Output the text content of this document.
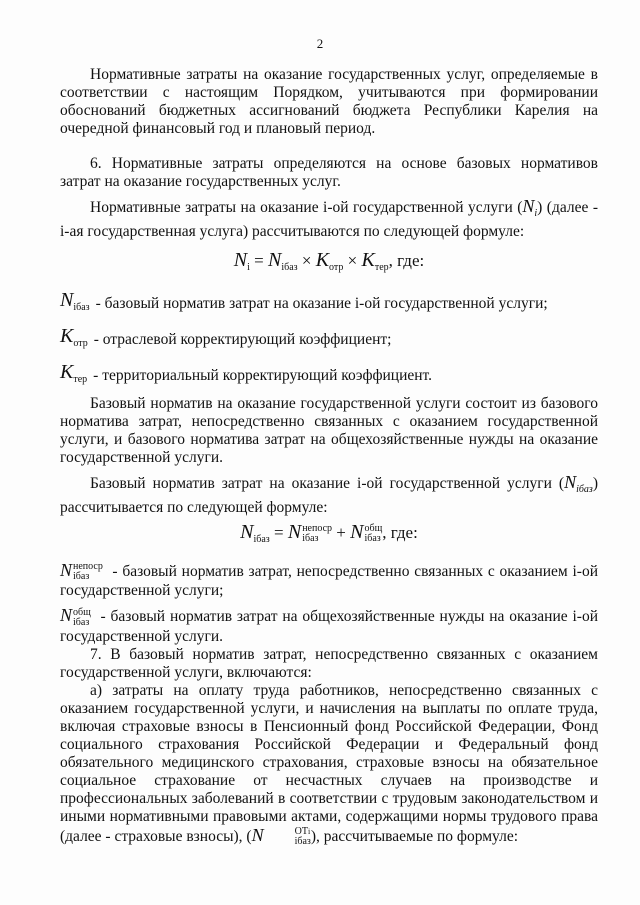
2

Нормативные затраты на оказание государственных услуг, определяемые в соответствии с настоящим Порядком, учитываются при формировании обоснований бюджетных ассигнований бюджета Республики Карелия на очередной финансовый год и плановый период.

6. Нормативные затраты определяются на основе базовых нормативов затрат на оказание государственных услуг.

Нормативные затраты на оказание i-ой государственной услуги $(N_i)$ (далее - i-ая государственная услуга) рассчитываются по следующей формуле:

$N_i = N_{iбаз} \times K_{отр} \times K_{тер}$, где:
$N_{iбаз}$ - базовый норматив затрат на оказание i-ой государственной услуги;
$K_{отр}$ - отраслевой корректирующий коэффициент;
$K_{тер}$ - территориальный корректирующий коэффициент.

Базовый норматив на оказание государственной услуги состоит из базового норматива затрат, непосредственно связанных с оказанием государственной услуги, и базового норматива затрат на общехозяйственные нужды на оказание государственной услуги.

Базовый норматив затрат на оказание i-ой государственной услуги $(N_{iбаз})$ рассчитывается по следующей формуле:

$N_{iбаз} = N$ непоср
iбаз	+ N общ
iбаз , где:

N непоср
iбаз	- базовый норматив затрат, непосредственно связанных с оказанием i-ой государственной услуги;

N общ
iбаз - базовый норматив затрат на общехозяйственные нужды на оказание i-ой государственной услуги.

7. В базовый норматив затрат, непосредственно связанных с оказанием государственной услуги, включаются:

а) затраты на оплату труда работников, непосредственно связанных с оказанием государственной услуги, и начисления на выплаты по оплате труда, включая страховые взносы в Пенсионный фонд Российской Федерации, Фонд социального страхования Российской Федерации и Федеральный фонд обязательного медицинского страхования, страховые взносы на обязательное социальное страхование от несчастных случаев на производстве и профессиональных заболеваний в соответствии с трудовым законодательством и иными нормативными правовыми актами, содержащими нормы трудового права (далее - страховые взносы), (N	ОТi
iбаз ), рассчитываемые по формуле:
